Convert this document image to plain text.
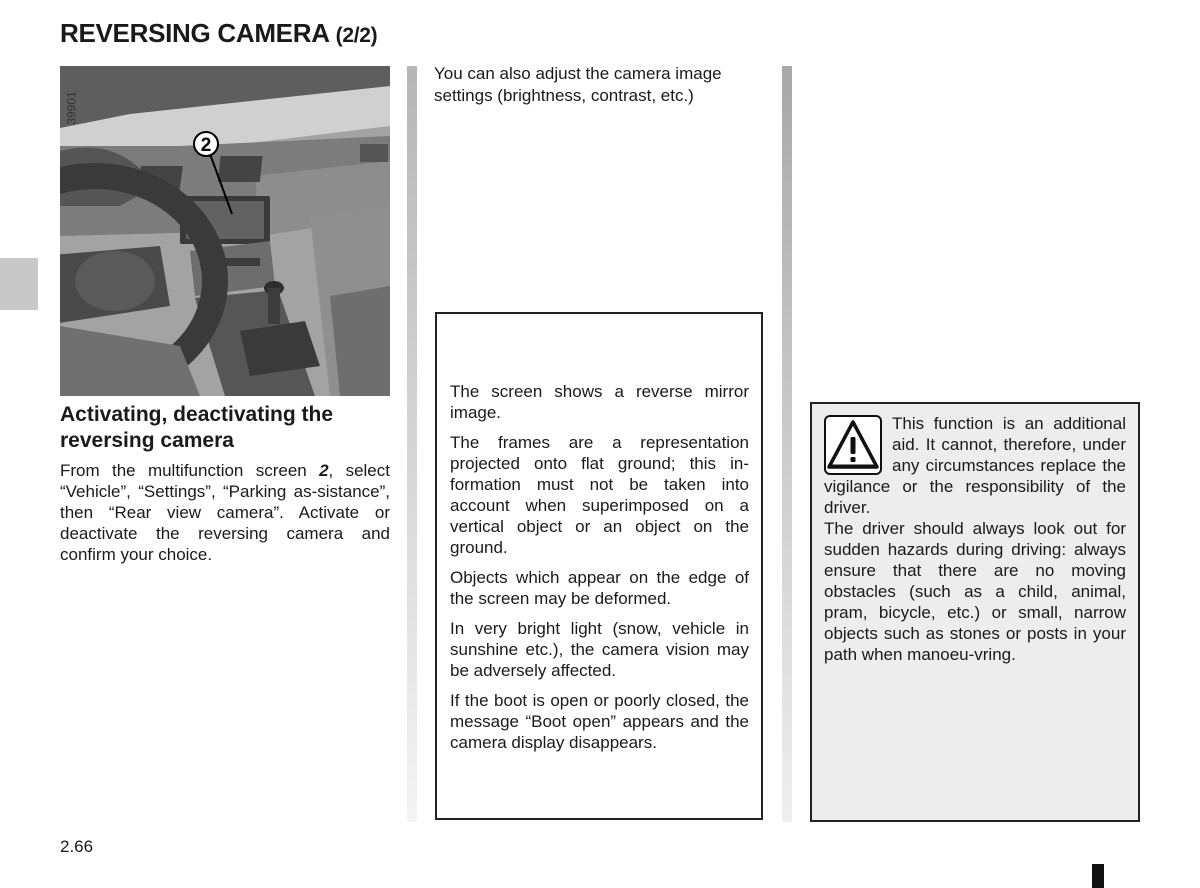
REVERSING CAMERA (2/2)
2
39901
Activating, deactivating the reversing camera
From the multifunction screen 2, select “Vehicle”, “Settings”, “Parking as-sistance”, then “Rear view camera”. Activate or deactivate the reversing camera and confirm your choice.
You can also adjust the camera image settings (brightness, contrast, etc.)

The screen shows a reverse mirror image.

The frames are a representation projected onto flat ground; this in-formation must not be taken into account when superimposed on a vertical object or an object on the ground.

Objects which appear on the edge of the screen may be deformed.

In very bright light (snow, vehicle in sunshine etc.), the camera vision may be adversely affected.

If the boot is open or poorly closed, the message “Boot open” appears and the camera display disappears.

This function is an additional aid. It cannot, therefore, under any circumstances replace the vigilance or the responsibility of the driver.

The driver should always look out for sudden hazards during driving: always ensure that there are no moving obstacles (such as a child, animal, pram, bicycle, etc.) or small, narrow objects such as stones or posts in your path when manoeu-vring.

2.66
